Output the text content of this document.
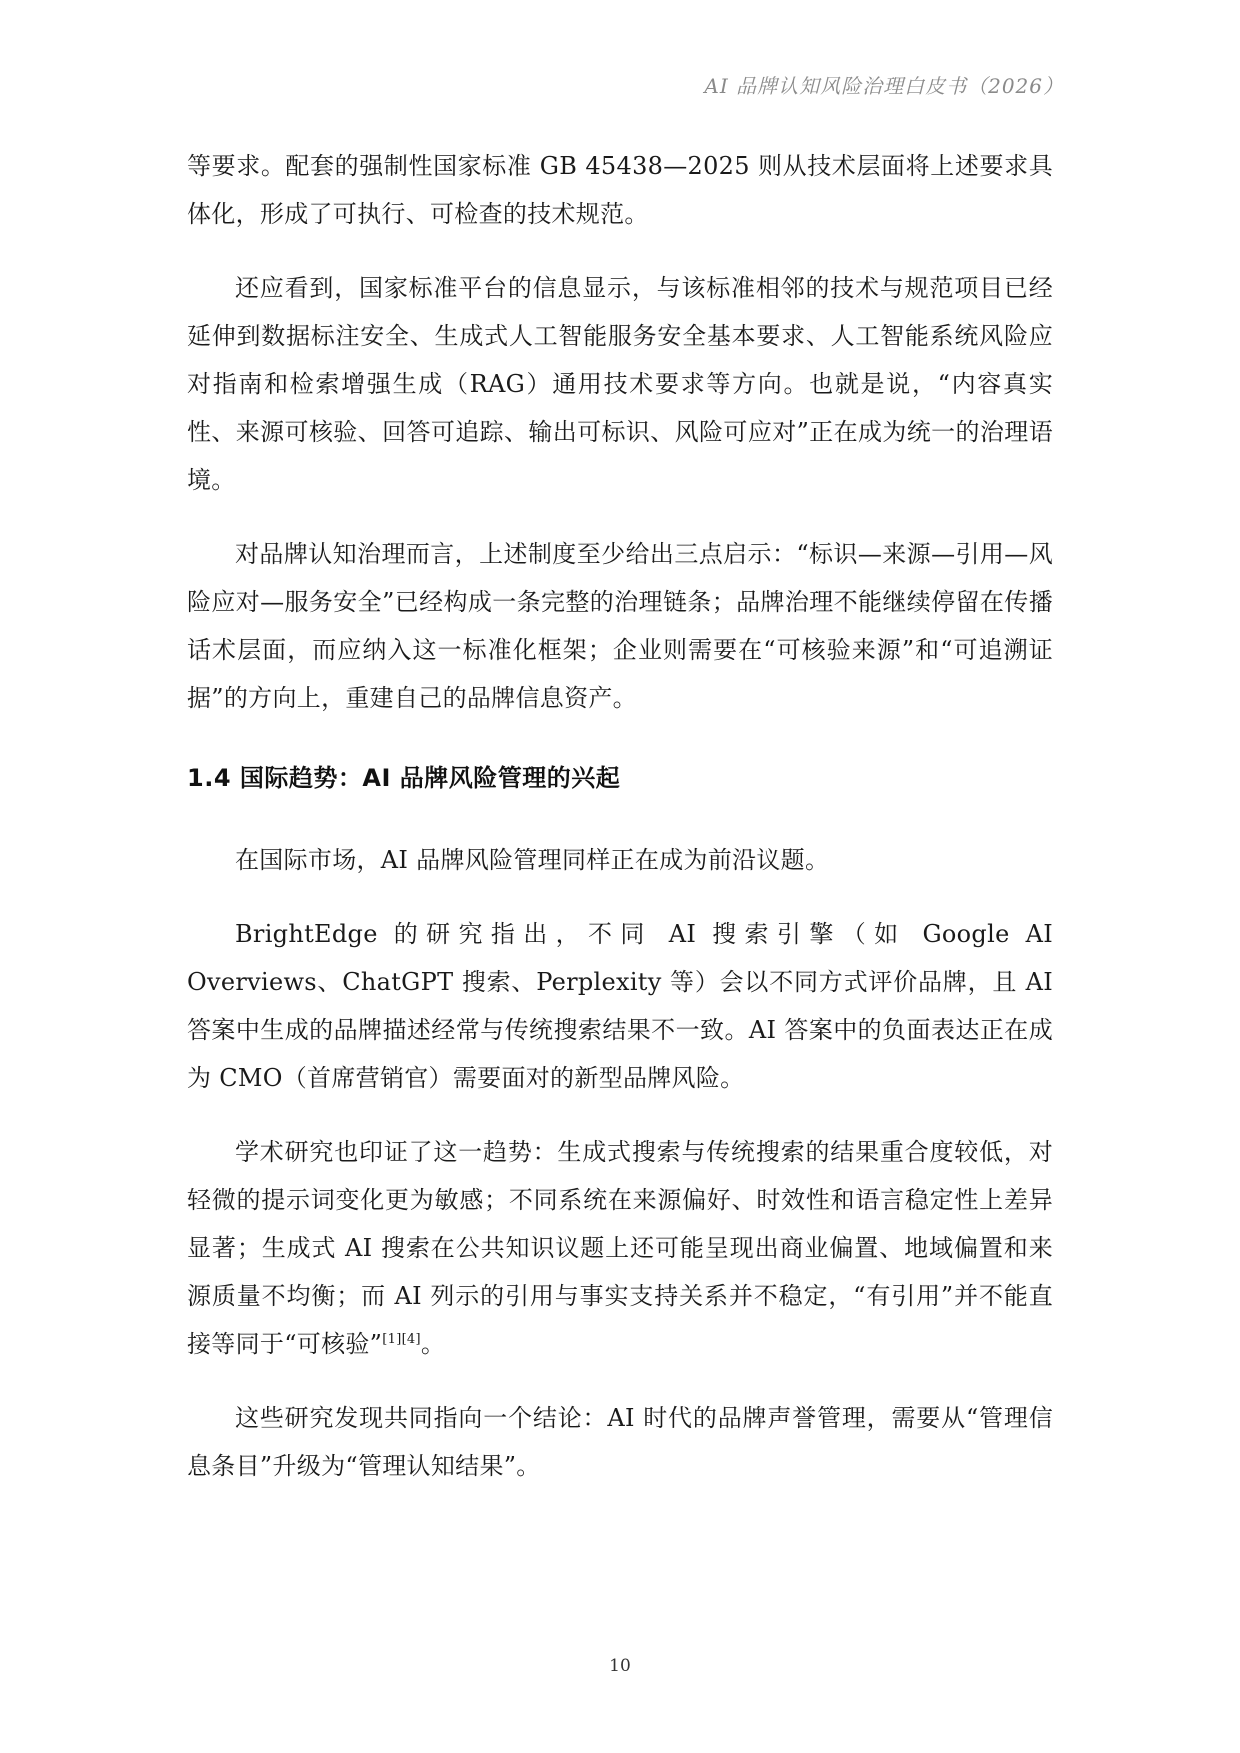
AI 品牌认知风险治理白皮书（2026）

等要求。配套的强制性国家标准 GB 45438—2025 则从技术层面将上述要求具体化，形成了可执行、可检查的技术规范。

还应看到，国家标准平台的信息显示，与该标准相邻的技术与规范项目已经延伸到数据标注安全、生成式人工智能服务安全基本要求、人工智能系统风险应对指南和检索增强生成（RAG）通用技术要求等方向。也就是说，“内容真实性、来源可核验、回答可追踪、输出可标识、风险可应对”正在成为统一的治理语境。

对品牌认知治理而言，上述制度至少给出三点启示：“标识—来源—引用—风险应对—服务安全”已经构成一条完整的治理链条；品牌治理不能继续停留在传播话术层面，而应纳入这一标准化框架；企业则需要在“可核验来源”和“可追溯证据”的方向上，重建自己的品牌信息资产。

1.4 国际趋势：AI 品牌风险管理的兴起

在国际市场，AI 品牌风险管理同样正在成为前沿议题。

BrightEdge 的研究指出，不同 AI 搜索引擎（如 Google AI Overviews、ChatGPT 搜索、Perplexity 等）会以不同方式评价品牌，且 AI 答案中生成的品牌描述经常与传统搜索结果不一致。AI 答案中的负面表达正在成为 CMO（首席营销官）需要面对的新型品牌风险。

学术研究也印证了这一趋势：生成式搜索与传统搜索的结果重合度较低，对轻微的提示词变化更为敏感；不同系统在来源偏好、时效性和语言稳定性上差异显著；生成式 AI 搜索在公共知识议题上还可能呈现出商业偏置、地域偏置和来源质量不均衡；而 AI 列示的引用与事实支持关系并不稳定，“有引用”并不能直接等同于“可核验”[1][4]。

这些研究发现共同指向一个结论：AI 时代的品牌声誉管理，需要从“管理信息条目”升级为“管理认知结果”。

10
